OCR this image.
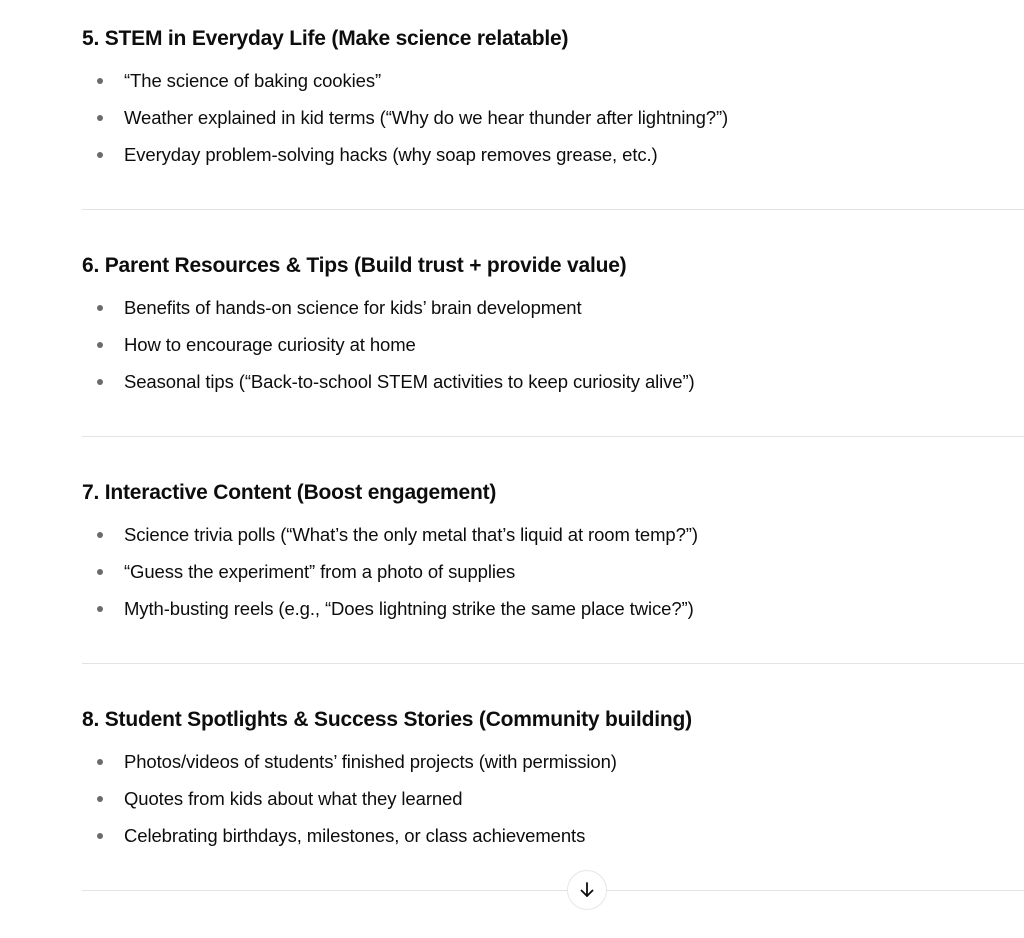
5. STEM in Everyday Life (Make science relatable)
“The science of baking cookies”
Weather explained in kid terms (“Why do we hear thunder after lightning?”)
Everyday problem-solving hacks (why soap removes grease, etc.)
6. Parent Resources & Tips (Build trust + provide value)
Benefits of hands-on science for kids’ brain development
How to encourage curiosity at home
Seasonal tips (“Back-to-school STEM activities to keep curiosity alive”)
7. Interactive Content (Boost engagement)
Science trivia polls (“What’s the only metal that’s liquid at room temp?”)
“Guess the experiment” from a photo of supplies
Myth-busting reels (e.g., “Does lightning strike the same place twice?”)
8. Student Spotlights & Success Stories (Community building)
Photos/videos of students’ finished projects (with permission)
Quotes from kids about what they learned
Celebrating birthdays, milestones, or class achievements
